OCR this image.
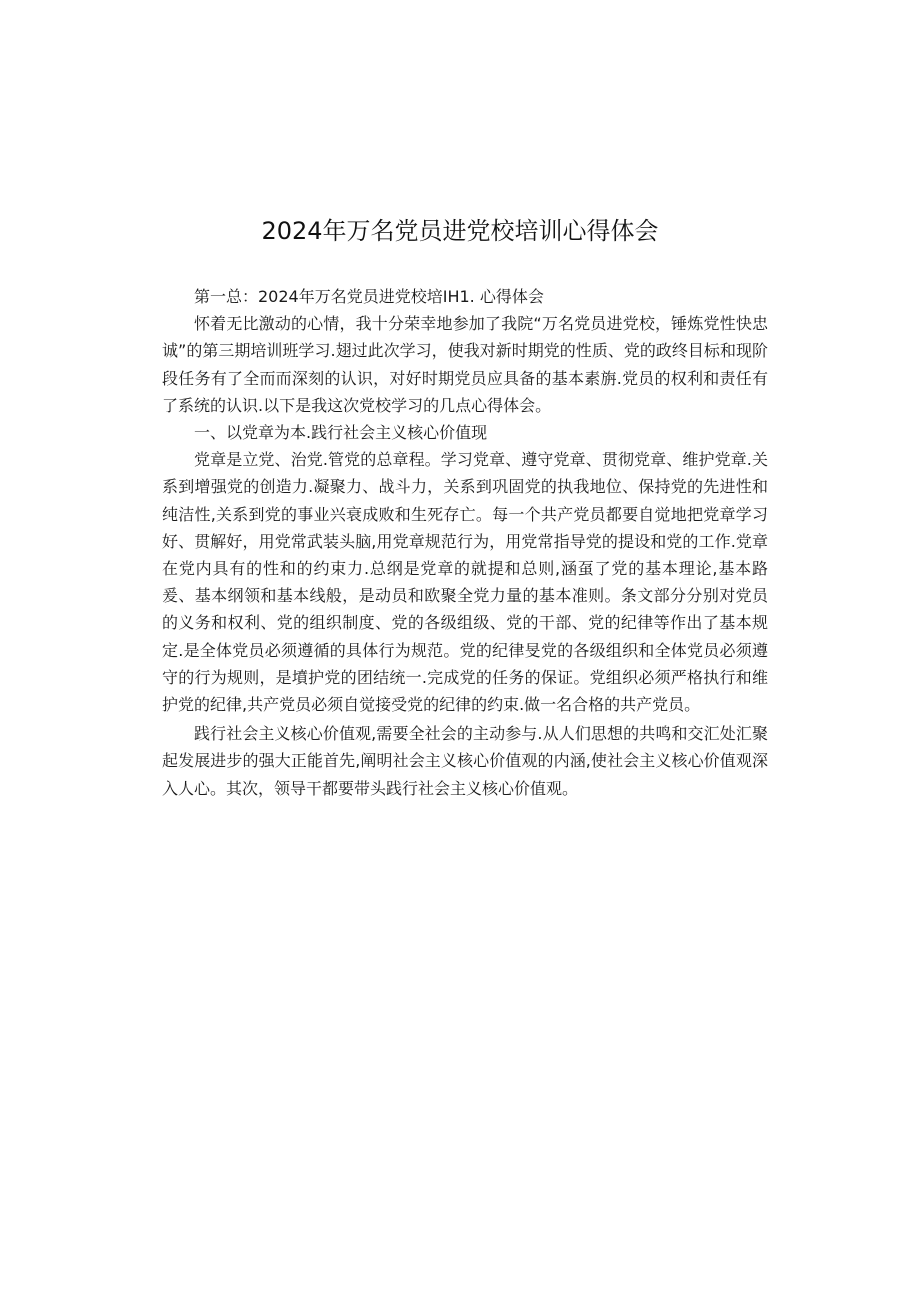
2024年万名党员进党校培训心得体会

第一总：2024年万名党员进党校培IH1. 心得体会

怀着无比激动的心情，我十分荣幸地参加了我院“万名党员进党校，锤炼党性快忠诚”的第三期培训班学习.翅过此次学习，使我对新时期党的性质、党的政终目标和现阶段任务有了全而而深刻的认识，对好时期党员应具备的基本素旃.党员的权利和责任有了系统的认识.以下是我这次党校学习的几点心得体会。

一、以党章为本.践行社会主义核心价值现

党章是立党、治党.管党的总章程。学习党章、遵守党章、贯彻党章、维护党章.关系到增强党的创造力.凝聚力、战斗力，关系到巩固党的执我地位、保持党的先进性和纯洁性,关系到党的事业兴衰成败和生死存亡。每一个共产党员都要自觉地把党章学习好、贯解好，用党常武装头脑,用党章规范行为，用党常指导党的提设和党的工作.党章在党内具有的性和的约束力.总纲是党章的就提和总则,涵虿了党的基本理论,基本路爰、基本纲领和基本线般，是动员和欧聚全党力量的基本准则。条文部分分别对党员的义务和权利、党的组织制度、党的各级组级、党的干部、党的纪律等作出了基本规定.是全体党员必须遵循的具体行为规范。党的纪律旻党的各级组织和全体党员必须遵守的行为规则，是墳护党的团结统一.完成党的任务的保证。党组织必须严格执行和维护党的纪律,共产党员必须自觉接受党的纪律的约束.做一名合格的共产党员。

践行社会主义核心价值观,需要全社会的主动参与.从人们思想的共鸣和交汇处汇聚起发展进步的强大正能首先,阐明社会主义核心价值观的内涵,使社会主义核心价值观深入人心。其次，领导干都要带头践行社会主义核心价值观。
